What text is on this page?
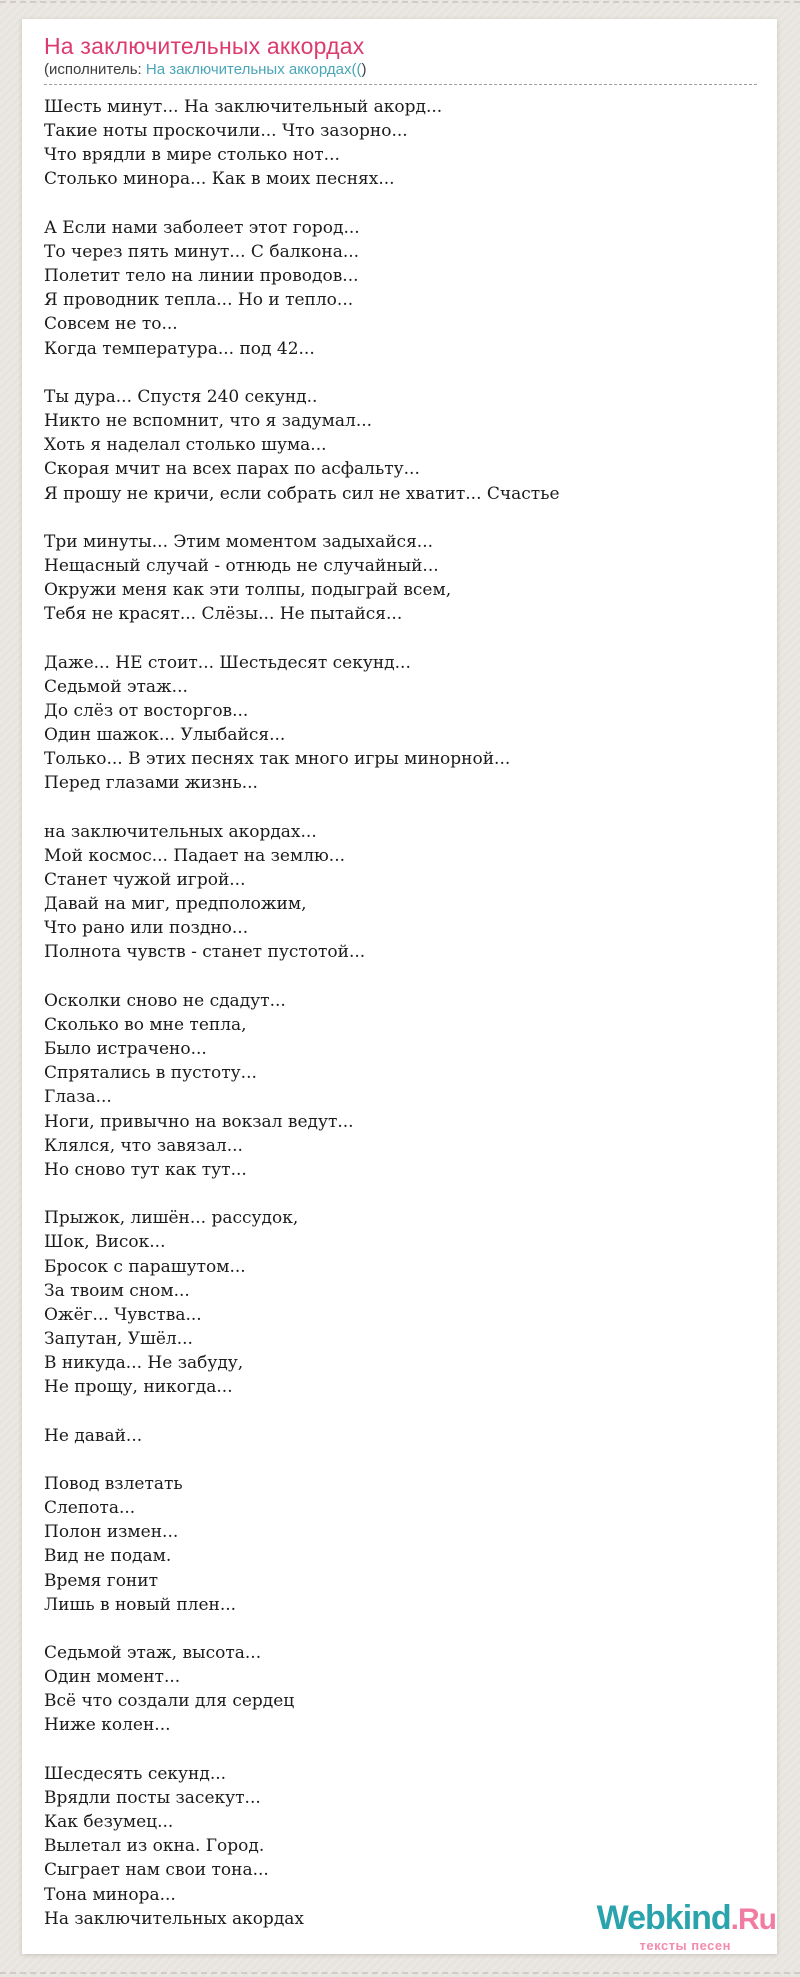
На заключительных аккордах
(исполнитель: На заключительных аккордах(()
Шесть минут... На заключительный акорд...
Такие ноты проскочили... Что зазорно...
Что врядли в мире столько нот...
Столько минора... Как в моих песнях...

А Если нами заболеет этот город...
То через пять минут... С балкона...
Полетит тело на линии проводов...
Я проводник тепла... Но и тепло...
Совсем не то...
Когда температура... под 42...

Ты дура... Спустя 240 секунд..
Никто не вспомнит, что я задумал...
Хоть я наделал столько шума...
Скорая мчит на всех парах по асфальту...
Я прошу не кричи, если собрать сил не хватит... Счастье

Три минуты... Этим моментом задыхайся...
Нещасный случай - отнюдь не случайный...
Окружи меня как эти толпы, подыграй всем,
Тебя не красят... Слёзы... Не пытайся...

Даже... НЕ стоит... Шестьдесят секунд...
Седьмой этаж...
До слёз от восторгов...
Один шажок... Улыбайся...
Только... В этих песнях так много игры минорной...
Перед глазами жизнь...

на заключительных акордах...
Мой космос... Падает на землю...
Станет чужой игрой...
Давай на миг, предположим,
Что рано или поздно...
Полнота чувств - станет пустотой...

Осколки сново не сдадут...
Сколько во мне тепла,
Было истрачено...
Спрятались в пустоту...
Глаза...
Ноги, привычно на вокзал ведут...
Клялся, что завязал...
Но сново тут как тут...

Прыжок, лишён... рассудок,
Шок, Висок...
Бросок с парашутом...
За твоим сном...
Ожёг... Чувства...
Запутан, Ушёл...
В никуда... Не забуду,
Не прощу, никогда...

Не давай...

Повод взлетать
Слепота...
Полон измен...
Вид не подам.
Время гонит
Лишь в новый плен...

Седьмой этаж, высота...
Один момент...
Всё что создали для сердец
Ниже колен...

Шесдесять секунд...
Врядли посты засекут...
Как безумец...
Вылетал из окна. Город.
Сыграет нам свои тона...
Тона минора...
На заключительных акордах	Webkind.Ru
тексты песен
